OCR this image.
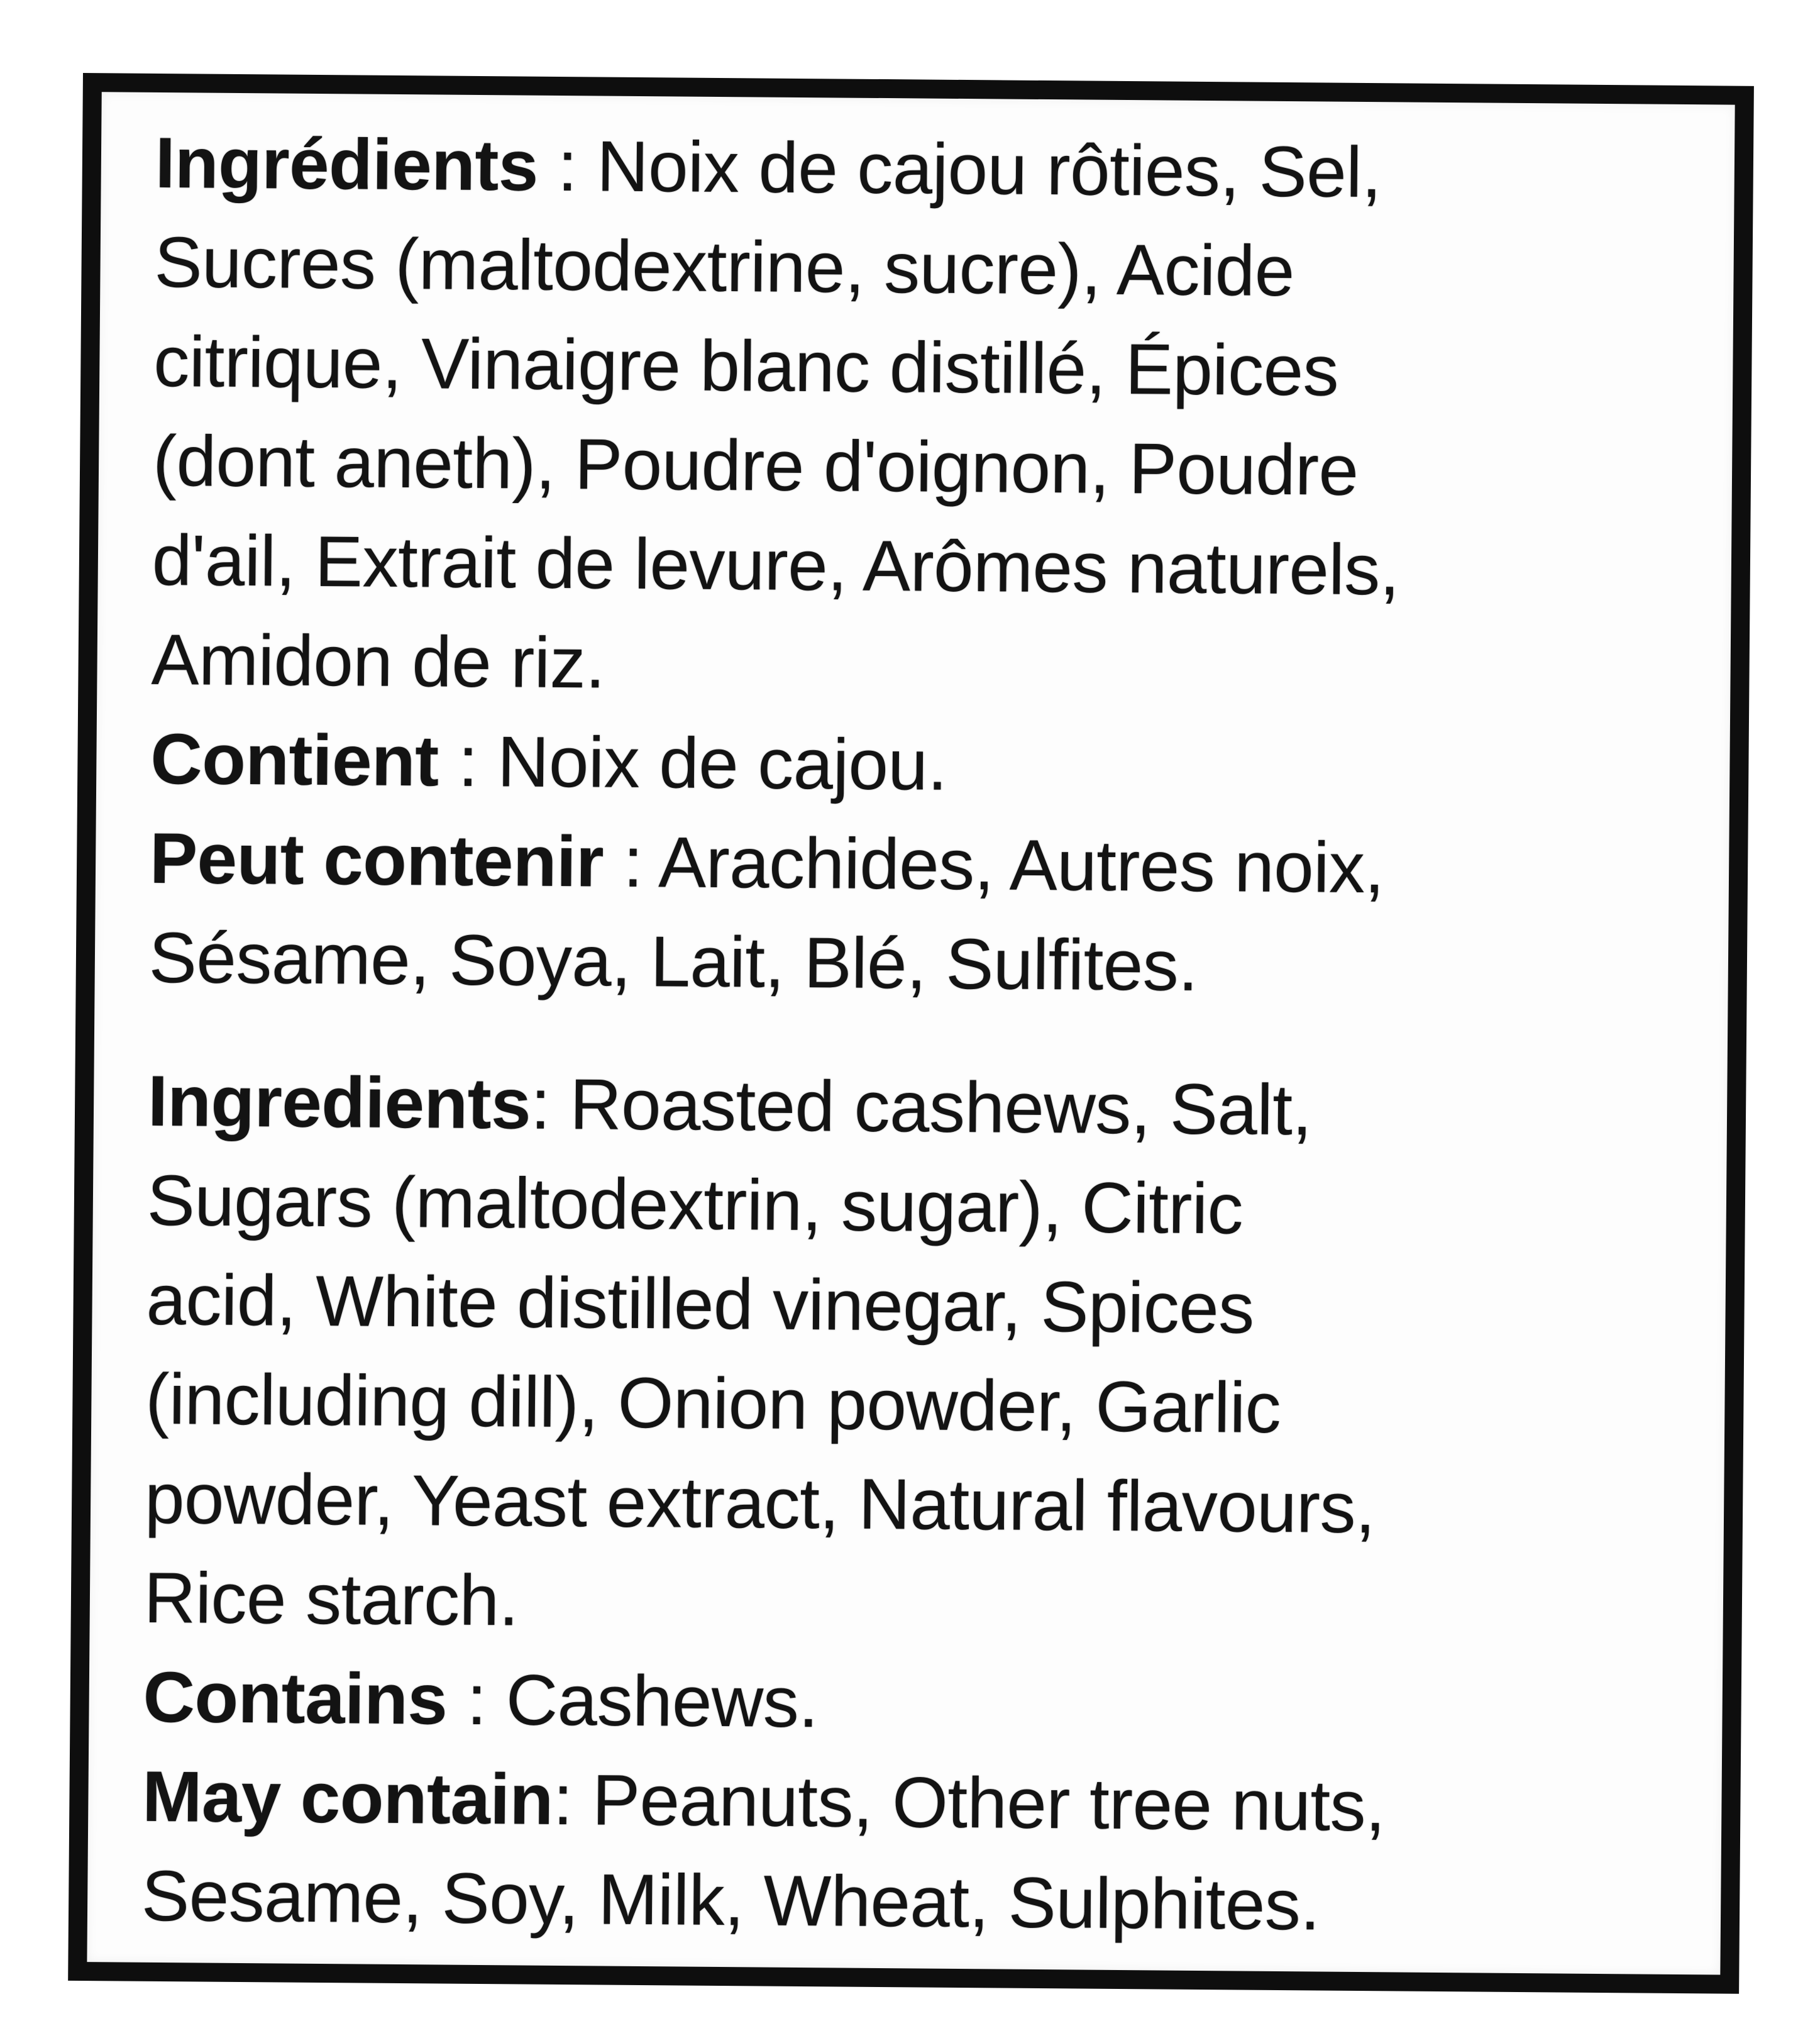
Ingrédients : Noix de cajou rôties, Sel,
Sucres (maltodextrine, sucre), Acide
citrique, Vinaigre blanc distillé, Épices
(dont aneth), Poudre d'oignon, Poudre
d'ail, Extrait de levure, Arômes naturels,
Amidon de riz.
Contient : Noix de cajou.
Peut contenir : Arachides, Autres noix,
Sésame, Soya, Lait, Blé, Sulfites.
Ingredients: Roasted cashews, Salt,
Sugars (maltodextrin, sugar), Citric
acid, White distilled vinegar, Spices
(including dill), Onion powder, Garlic
powder, Yeast extract, Natural flavours,
Rice starch.
Contains : Cashews.
May contain: Peanuts, Other tree nuts,
Sesame, Soy, Milk, Wheat, Sulphites.
